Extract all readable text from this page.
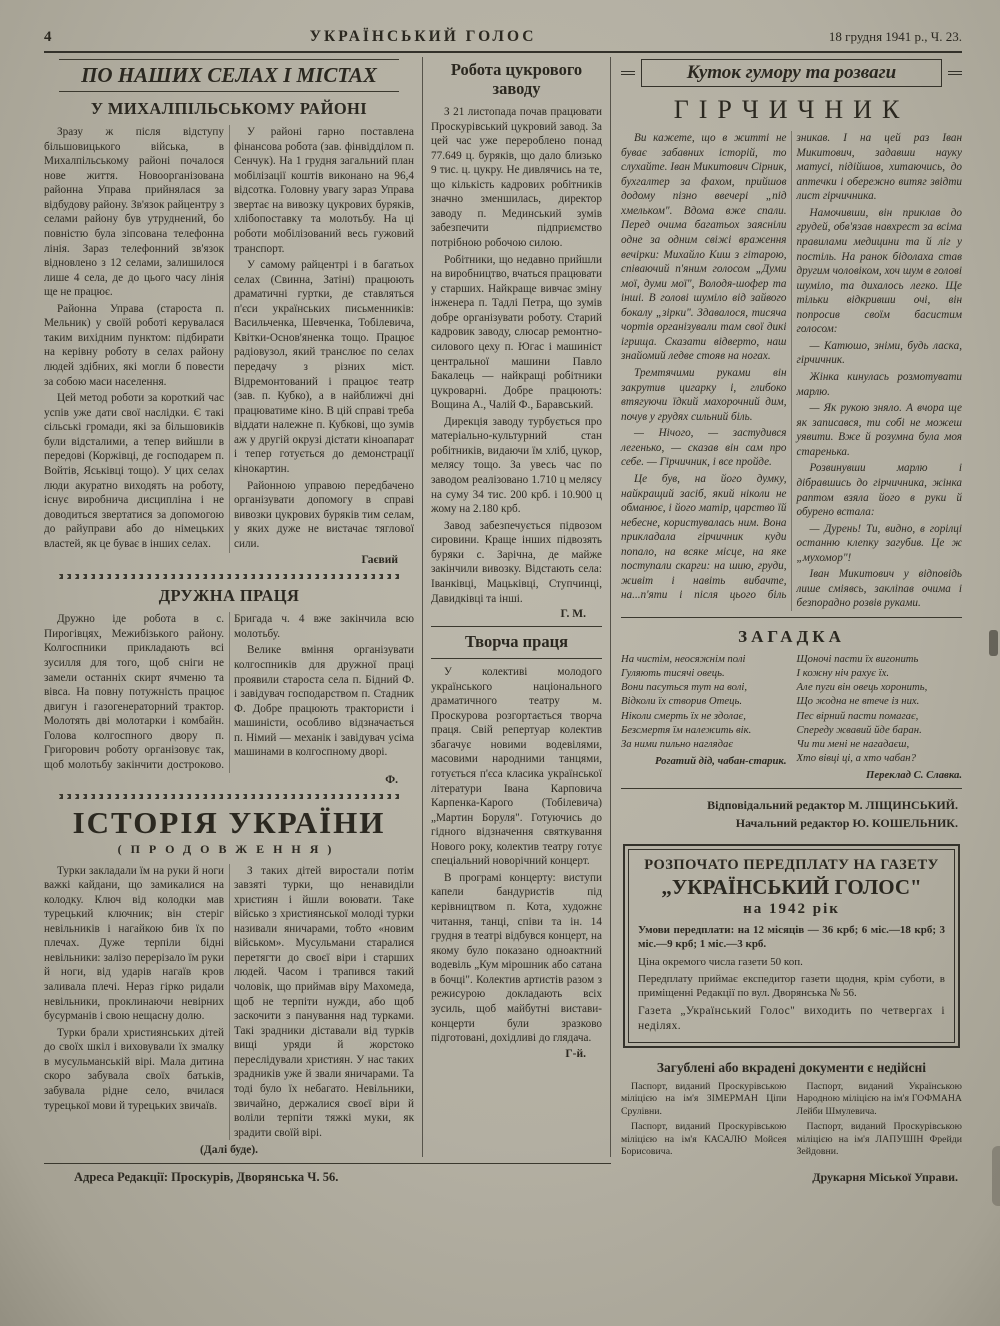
4	УКРАЇНСЬКИЙ ГОЛОС	18 грудня 1941 р., Ч. 23.
ПО НАШИХ СЕЛАХ І МІСТАХ
У МИХАЛПІЛЬСЬКОМУ РАЙОНІ

Зразу ж після відступу більшовицького війська, в Михалпільському районі почалося нове життя. Новоорганізована районна Управа прийнялася за відбудову району. Зв'язок райцентру з селами району був утруднений, бо повністю була зіпсована телефонна лінія. Зараз телефонний зв'язок відновлено з 12 селами, залишилося лише 4 села, де до цього часу лінія ще не працює.

Районна Управа (староста п. Мельник) у своїй роботі керувалася таким вихідним пунктом: підбирати на керівну роботу в селах району людей здібних, які могли б повести за собою маси населення.

Цей метод роботи за короткий час успів уже дати свої наслідки. Є такі сільські громади, які за більшовиків були відсталими, а тепер вийшли в передові (Коржівці, де господарем п. Войтів, Яськівці тощо). У цих селах люди акуратно виходять на роботу, існує виробнича дисципліна і не доводиться звертатися за допомогою до райуправи або до німецьких властей, як це буває в інших селах.

У районі гарно поставлена фінансова робота (зав. фінвідділом п. Сенчук). На 1 грудня загальний план мобілізації коштів виконано на 96,4 відсотка. Головну увагу зараз Управа звертає на вивозку цукрових буряків, хлібопоставку та молотьбу. На ці роботи мобілізований весь гужовий транспорт.

У самому райцентрі і в багатьох селах (Свинна, Затіні) працюють драматичні гуртки, де ставляться п'єси українських письменників: Васильченка, Шевченка, Тобілевича, Квітки-Основ'яненка тощо. Працює радіовузол, який транслює по селах передачу з різних міст. Відремонтований і працює театр (зав. п. Кубко), а в найближчі дні працюватиме кіно. В цій справі треба віддати належне п. Кубкові, що зумів аж у другій окрузі дістати кіноапарат і тепер готується до демонстрації кінокартин.

Районною управою передбачено організувати допомогу в справі вивозки цукрових буряків тим селам, у яких дуже не вистачає тяглової сили.

Гаєвий
ДРУЖНА ПРАЦЯ

Дружно іде робота в с. Пирогівцях, Межибізького району. Колгоспники прикладають всі зусилля для того, щоб сніги не замели останніх скирт ячменю та вівса. На повну потужність працює двигун і газогенераторний трактор. Молотять дві молотарки і комбайн. Голова колгоспного двору п. Григорович роботу організовує так, щоб молотьбу закінчити достроково. Бригада ч. 4 вже закінчила всю молотьбу.

Велике вміння організувати колгоспників для дружної праці проявили староста села п. Бідний Ф. і завідувач господарством п. Стадник Ф. Добре працюють трактористи і машиністи, особливо відзначається п. Німий — механік і завідувач усіма машинами в колгоспному дворі.

Ф.
ІСТОРІЯ УКРАЇНИ
(ПРОДОВЖЕННЯ)

Турки закладали їм на руки й ноги важкі кайдани, що замикалися на колодку. Ключ від колодки мав турецький ключник; він стеріг невільників і нагайкою бив їх по плечах. Дуже терпіли бідні невільники: залізо перерізало їм руки й ноги, від ударів нагаїв кров заливала плечі. Нераз гірко ридали невільники, проклинаючи невірних бусурманів і свою нещасну долю.

Турки брали християнських дітей до своїх шкіл і виховували їх змалку в мусульманській вірі. Мала дитина скоро забувала своїх батьків, забувала рідне село, вчилася турецької мови й турецьких звичаїв.

З таких дітей виростали потім завзяті турки, що ненавиділи християн і йшли воювати. Таке військо з християнської молоді турки називали яничарами, тобто «новим військом». Мусульмани старалися перетягти до своєї віри і старших людей. Часом і трапився такий чоловік, що приймав віру Махомеда, щоб не терпіти нужди, або щоб заскочити з панування над турками. Такі зрадники діставали від турків вищі уряди й жорстоко переслідували християн. У нас таких зрадників уже й звали яничарами. Та тоді було їх небагато. Невільники, звичайно, держалися своєї віри й воліли терпіти тяжкі муки, як зрадити своїй вірі.

(Далі буде).
Робота цукрового заводу

З 21 листопада почав працювати Проскурівський цукровий завод. За цей час уже перероблено понад 77.649 ц. буряків, що дало близько 9 тис. ц. цукру. Не дивлячись на те, що кількість кадрових робітників значно зменшилась, директор заводу п. Мединський зумів забезпечити підприємство потрібною робочою силою.

Робітники, що недавно прийшли на виробництво, вчаться працювати у старших. Найкраще вивчає зміну інженера п. Тадлі Петра, що зумів добре організувати роботу. Старий кадровик заводу, слюсар ремонтно-силового цеху п. Югас і машиніст центральної машини Павло Бакалець — найкращі робітники цукроварні. Добре працюють: Вощина А., Чалій Ф., Баравський.

Дирекція заводу турбується про матеріально-культурний стан робітників, видаючи їм хліб, цукор, мелясу тощо. За увесь час по заводом реалізовано 1.710 ц мелясу на суму 34 тис. 200 крб. і 10.900 ц жому на 2.180 крб.

Завод забезпечується підвозом сировини. Краще інших підвозять буряки с. Зарічна, де майже закінчили вивозку. Відстають села: Іванківці, Мацьківці, Ступчинці, Давидківці та інші.

Г. М.
Творча праця

У колективі молодого українського національного драматичного театру м. Проскурова розгортається творча праця. Свій репертуар колектив збагачує новими водевілями, масовими народними танцями, готується п'єса класика української літератури Івана Карповича Карпенка-Карого (Тобілевича) „Мартин Боруля". Готуючись до гідного відзначення святкування Нового року, колектив театру готує спеціальний новорічний концерт.

В програмі концерту: виступи капели бандуристів під керівництвом п. Кота, художнє читання, танці, співи та ін. 14 грудня в театрі відбувся концерт, на якому було показано одноактний водевіль „Кум мірошник або сатана в бочці". Колектив артистів разом з режисурою докладають всіх зусиль, щоб майбутні вистави-концерти були зразково підготовані, дохідливі до глядача.

Г-й.
Адреса Редакції: Проскурів, Дворянська Ч. 56.
Куток гумору та розваги
ГІРЧИЧНИК

Ви кажете, що в житті не буває забавних історій, то слухайте. Іван Микитович Сірник, бухгалтер за фахом, прийшов додому пізно ввечері „під хмельком". Вдома вже спали. Перед очима багатьох заясніли одне за одним свіжі враження вечірки: Михайло Киш з гітарою, співаючий п'яним голосом „Думи мої, думи мої", Володя-шофер та інші. В голові шуміло від зайвого бокалу „зірки". Здавалося, тисяча чортів організували там свої дикі ігрища. Сказати відверто, наш знайомий ледве стояв на ногах.

Тремтячими руками він закрутив цигарку і, глибоко втягуючи їдкий махорочний дим, почув у грудях сильний біль.

— Нічого, — застудився легенько, — сказав він сам про себе. — Гірчичник, і все пройде.

Це був, на його думку, найкращий засіб, який ніколи не обманює, і його матір, царство їй небесне, користувалась ним. Вона прикладала гірчичник куди попало, на всяке місце, на яке поступали скарги: на шию, груди, живіт і навіть вибачте, на...п'яти і після цього біль зникав. І на цей раз Іван Микитович, задавши науку матусі, підійшов, хитаючись, до аптечки і обережно витяг звідти лист гірчичника.

Намочивши, він приклав до грудей, обв'язав навхрест за всіма правилами медицини та й ліг у постіль. На ранок бідолаха став другим чоловіком, хоч шум в голові шуміло, та дихалось легко. Ще тільки відкривши очі, він попросив своїм басистим голосом:

— Катюшо, зніми, будь ласка, гірчичник.

Жінка кинулась розмотувати марлю.

— Як рукою зняло. А вчора ще як записався, ти собі не можеш уявити. Вже й розумна була моя старенька.

Розвинувши марлю і дібравшись до гірчичника, жінка раптом взяла його в руки й обурено встала:

— Дурень! Ти, видно, в горілці останню клепку загубив. Це ж „мухомор"!

Іван Микитович у відповідь лише сміявсь, закліпав очима і безпорадно розвів руками.

ЗАГАДКА

На чистім, неосяжнім полі

Гуляють тисячі овець.

Вони пасуться тут на волі,

Відколи їх створив Отець.

Ніколи смерть їх не здолає,

Безсмертя їм належить вік.

За ними пильно наглядає

Рогатий дід, чабан-старик.

Щоночі пасти їх вигонить

І кожну ніч рахує їх.

Але пуги він овець хоронить,

Що жодна не втече із них.

Пес вірний пасти помагає,

Спереду жвавий йде баран.

Чи ти мені не нагадаєш,

Хто вівці ці, а хто чабан?

Переклад С. Славка.

Відповідальний редактор М. ЛІЩИНСЬКИЙ.

Начальний редактор Ю. КОШЕЛЬНИК.

РОЗПОЧАТО ПЕРЕДПЛАТУ НА ГАЗЕТУ
„УКРАЇНСЬКИЙ ГОЛОС"
на 1942 рік
Умови передплати: на 12 місяців — 36 крб; 6 міс.—18 крб; 3 міс.—9 крб; 1 міс.—3 крб.
Ціна окремого числа газети 50 коп.
Передплату приймає експедитор газети щодня, крім суботи, в приміщенні Редакції по вул. Дворянська № 56.
Газета „Український Голос" виходить по четвергах і неділях.
Загублені або вкрадені документи є недійсні

Паспорт, виданий Проскурівською міліцією на ім'я ЗІМЕРМАН Ціпи Срулівни.

Паспорт, виданий Проскурівською міліцією на ім'я КАСАЛЮ Мойсея Борисовича.

Паспорт, виданий Українською Народною міліцією на ім'я ГОФМАНА Лейби Шмулевича.

Паспорт, виданий Проскурівською міліцією на ім'я ЛАПУШІН Фрейди Зейдовни.

Друкарня Міської Управи.
